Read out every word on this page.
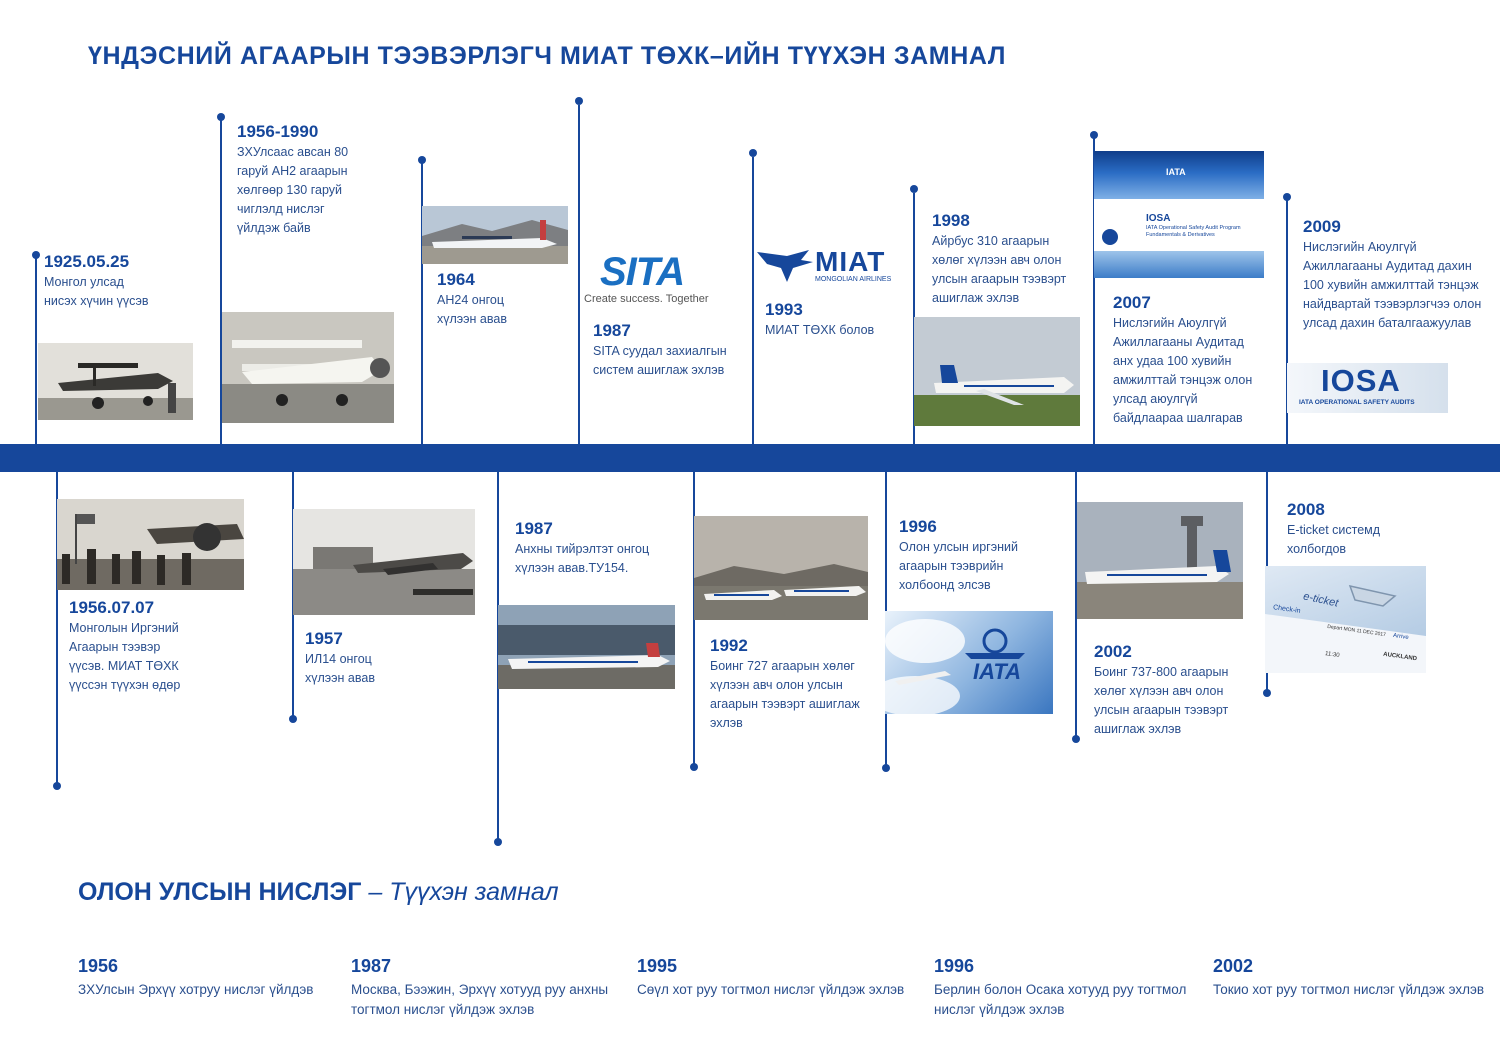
ҮНДЭСНИЙ АГААРЫН ТЭЭВЭРЛЭГЧ МИАТ ТӨХК–ИЙН ТҮҮХЭН ЗАМНАЛ
1925.05.25
Монгол улсад нисэх хүчин үүсэв
1956-1990
ЗХУлсаас авсан 80 гаруй АН2 агаарын хөлгөөр 130 гаруй чиглэлд нислэг үйлдэж байв
1964
АН24 онгоц хүлээн авав
SITA
Create success. Together
1987
SITA суудал захиалгын систем ашиглаж эхлэв
MIAT
MONGOLIAN AIRLINES
1993
МИАТ ТӨХК болов
1998
Айрбус 310 агаарын хөлөг хүлээн авч олон улсын агаарын тээвэрт ашиглаж эхлэв
IATA
IOSA
IATA Operational Safety Audit Program
Fundamentals & Derivatives
2007
Нислэгийн Аюулгүй Ажиллагааны Аудитад анх удаа 100 хувийн амжилттай тэнцэж олон улсад аюулгүй байдлаараа шалгарав
2009
Нислэгийн Аюулгүй Ажиллагааны Аудитад дахин 100 хувийн амжилттай тэнцэж найдвартай тээвэрлэгчээ олон улсад дахин баталгаажуулав
IOSA
IATA OPERATIONAL SAFETY AUDITS
1956.07.07
Монголын Иргэний Агаарын тээвэр үүсэв. МИАТ ТӨХК үүссэн түүхэн өдөр
1957
ИЛ14 онгоц хүлээн авав
1987
Анхны тийрэлтэт онгоц хүлээн авав.ТУ154.
1992
Боинг 727 агаарын хөлөг хүлээн авч олон улсын агаарын тээвэрт ашиглаж эхлэв
1996
Олон улсын иргэний агаарын тээврийн холбоонд элсэв
IATA
2002
Боинг 737-800 агаарын хөлөг хүлээн авч олон улсын агаарын тээвэрт ашиглаж эхлэв
2008
E-ticket системд холбогдов
e-ticket
Check-in
Depart MON 11 DEC 2017
11:30
Arrive
AUCKLAND
ОЛОН УЛСЫН НИСЛЭГ – Түүхэн замнал
1956
ЗХУлсын Эрхүү хотруу нислэг үйлдэв
1987
Москва, Бээжин, Эрхүү хотууд руу анхны тогтмол нислэг үйлдэж эхлэв
1995
Сөүл хот руу тогтмол нислэг үйлдэж эхлэв
1996
Берлин болон Осака хотууд руу тогтмол нислэг үйлдэж эхлэв
2002
Токио хот руу тогтмол нислэг үйлдэж эхлэв
